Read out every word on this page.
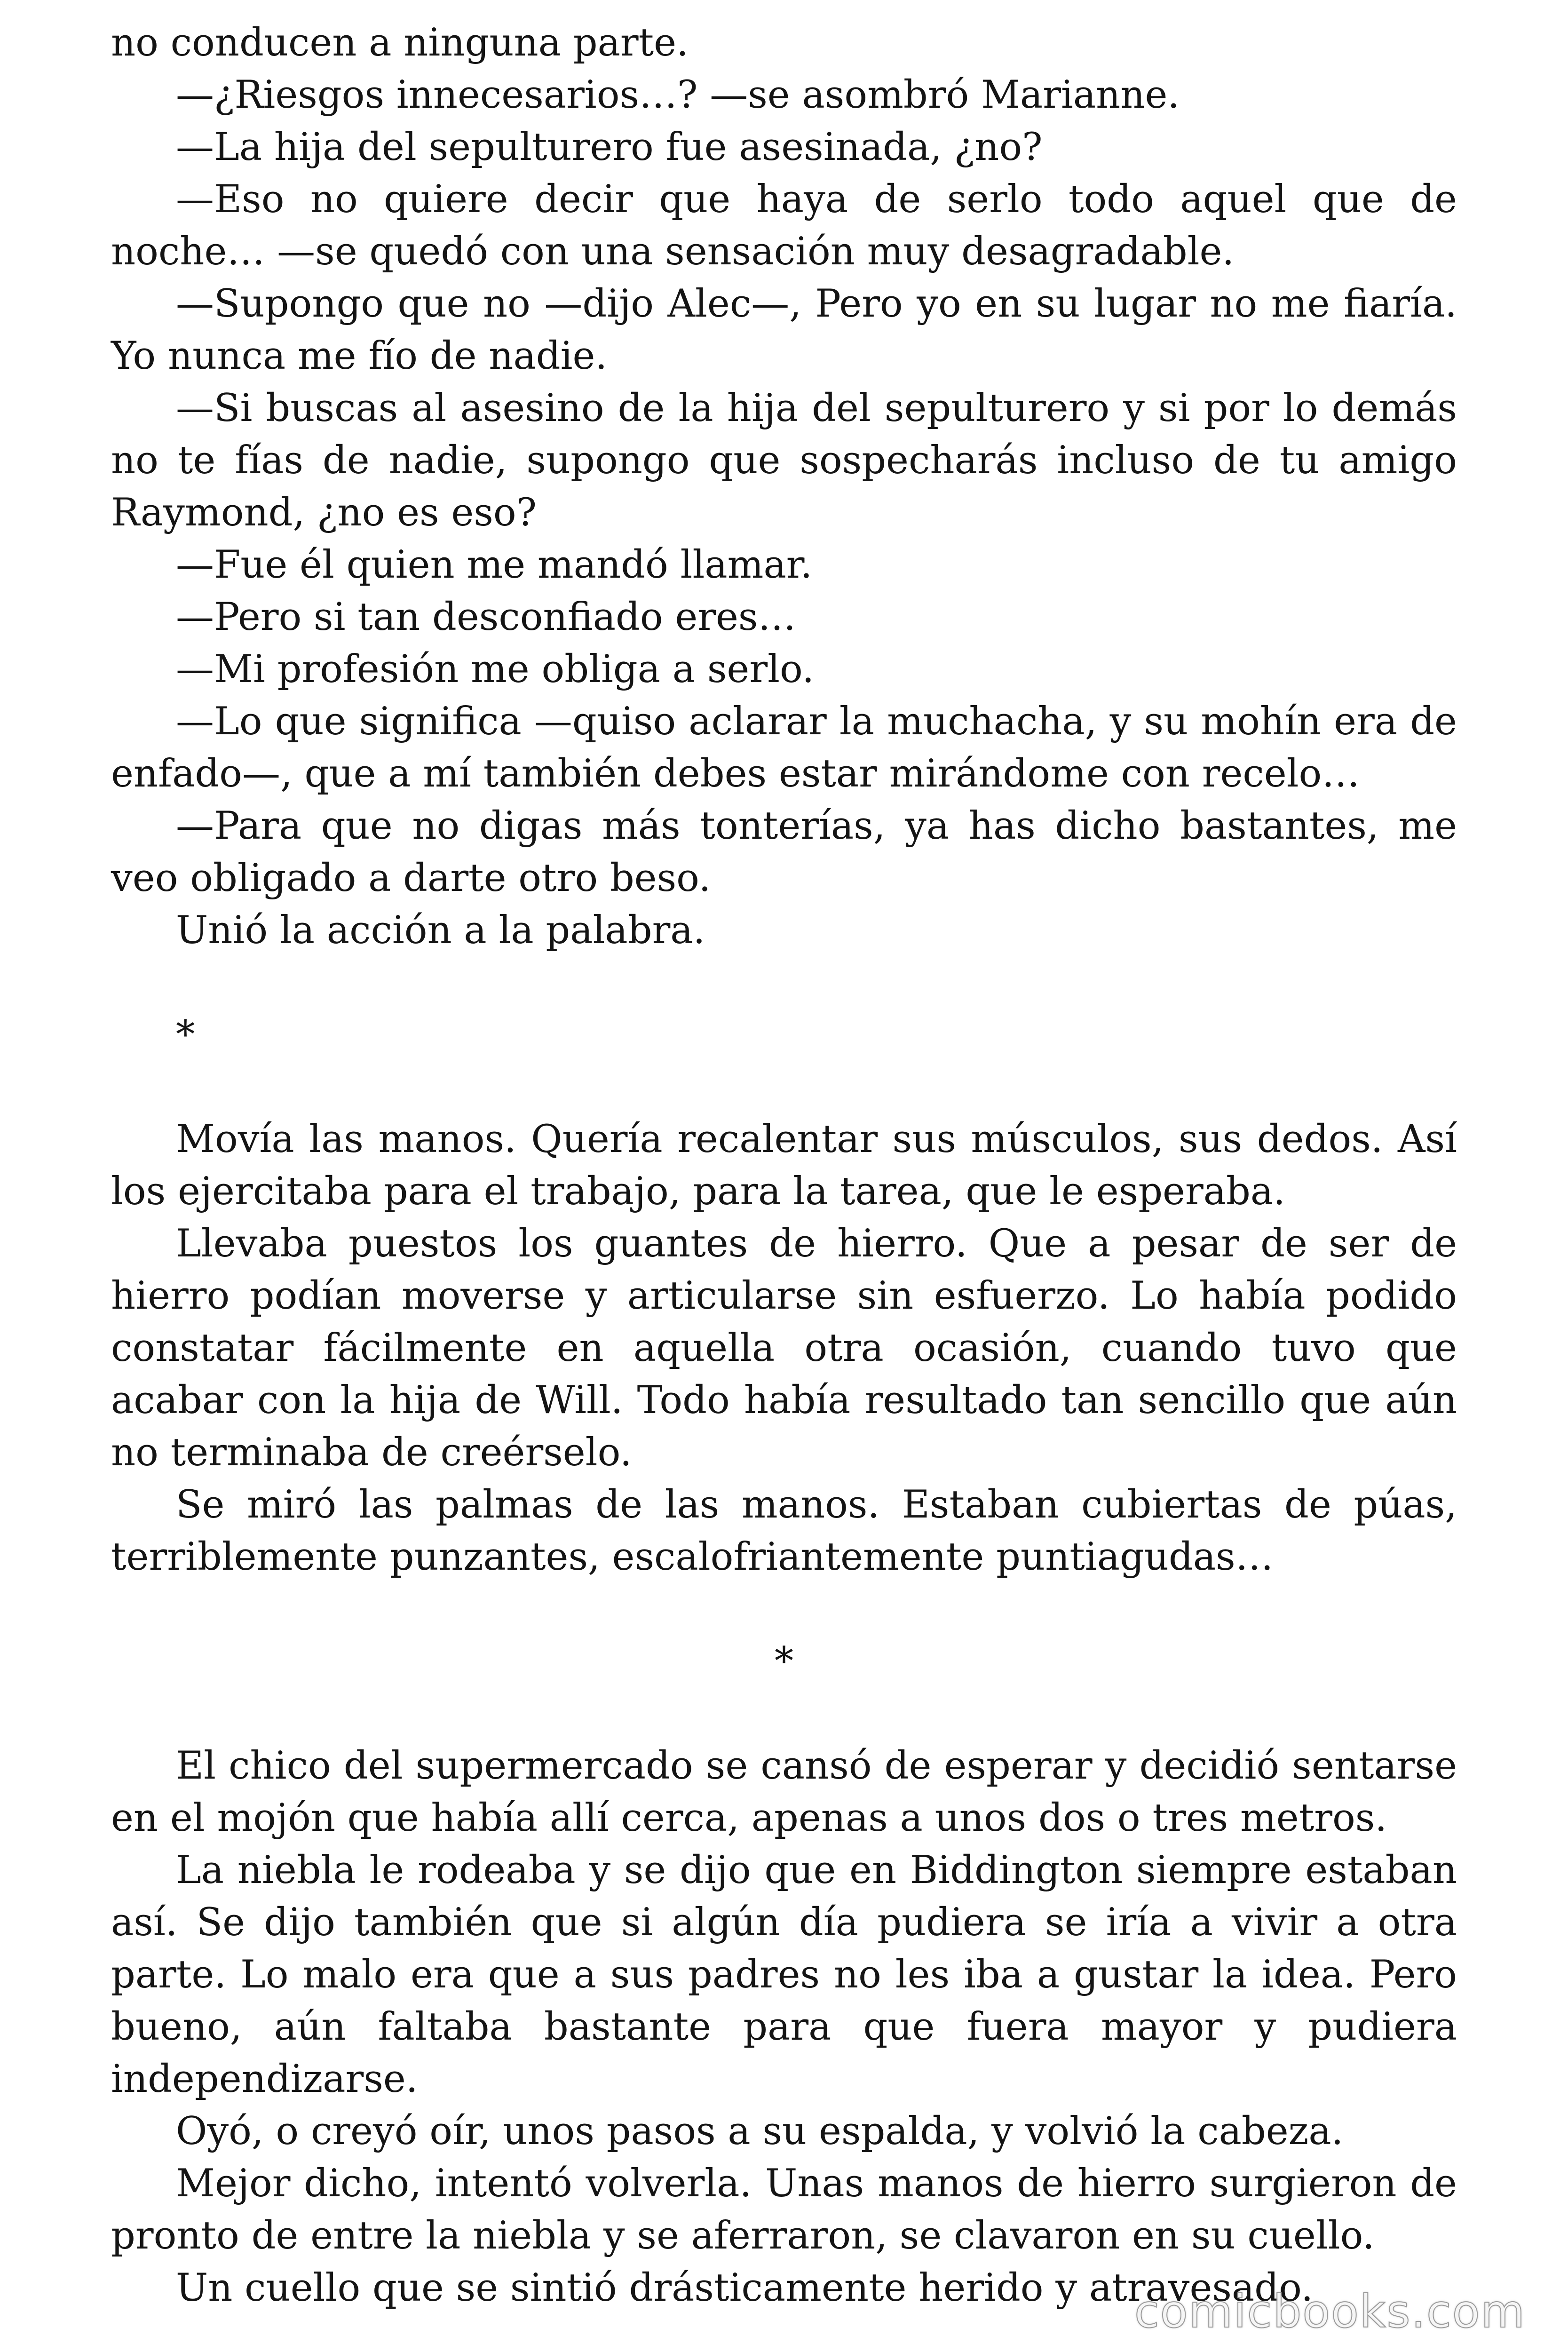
no conducen a ninguna parte.

—¿Riesgos innecesarios…? —se asombró Marianne.

—La hija del sepulturero fue asesinada, ¿no?

—Eso no quiere decir que haya de serlo todo aquel que de noche… —se quedó con una sensación muy desagradable.

—Supongo que no —dijo Alec—, Pero yo en su lugar no me fiaría. Yo nunca me fío de nadie.

—Si buscas al asesino de la hija del sepulturero y si por lo demás no te fías de nadie, supongo que sospecharás incluso de tu amigo Raymond, ¿no es eso?

—Fue él quien me mandó llamar.

—Pero si tan desconfiado eres…

—Mi profesión me obliga a serlo.

—Lo que significa —quiso aclarar la muchacha, y su mohín era de enfado—, que a mí también debes estar mirándome con recelo…

—Para que no digas más tonterías, ya has dicho bastantes, me veo obligado a darte otro beso.

Unió la acción a la palabra.

*

Movía las manos. Quería recalentar sus músculos, sus dedos. Así los ejercitaba para el trabajo, para la tarea, que le esperaba.

Llevaba puestos los guantes de hierro. Que a pesar de ser de hierro podían moverse y articularse sin esfuerzo. Lo había podido constatar fácilmente en aquella otra ocasión, cuando tuvo que acabar con la hija de Will. Todo había resultado tan sencillo que aún no terminaba de creérselo.

Se miró las palmas de las manos. Estaban cubiertas de púas, terriblemente punzantes, escalofriantemente puntiagudas…

*

El chico del supermercado se cansó de esperar y decidió sentarse en el mojón que había allí cerca, apenas a unos dos o tres metros.

La niebla le rodeaba y se dijo que en Biddington siempre estaban así. Se dijo también que si algún día pudiera se iría a vivir a otra parte. Lo malo era que a sus padres no les iba a gustar la idea. Pero bueno, aún faltaba bastante para que fuera mayor y pudiera independizarse.

Oyó, o creyó oír, unos pasos a su espalda, y volvió la cabeza.

Mejor dicho, intentó volverla. Unas manos de hierro surgieron de pronto de entre la niebla y se aferraron, se clavaron en su cuello.

Un cuello que se sintió drásticamente herido y atravesado.

comicbooks.com
